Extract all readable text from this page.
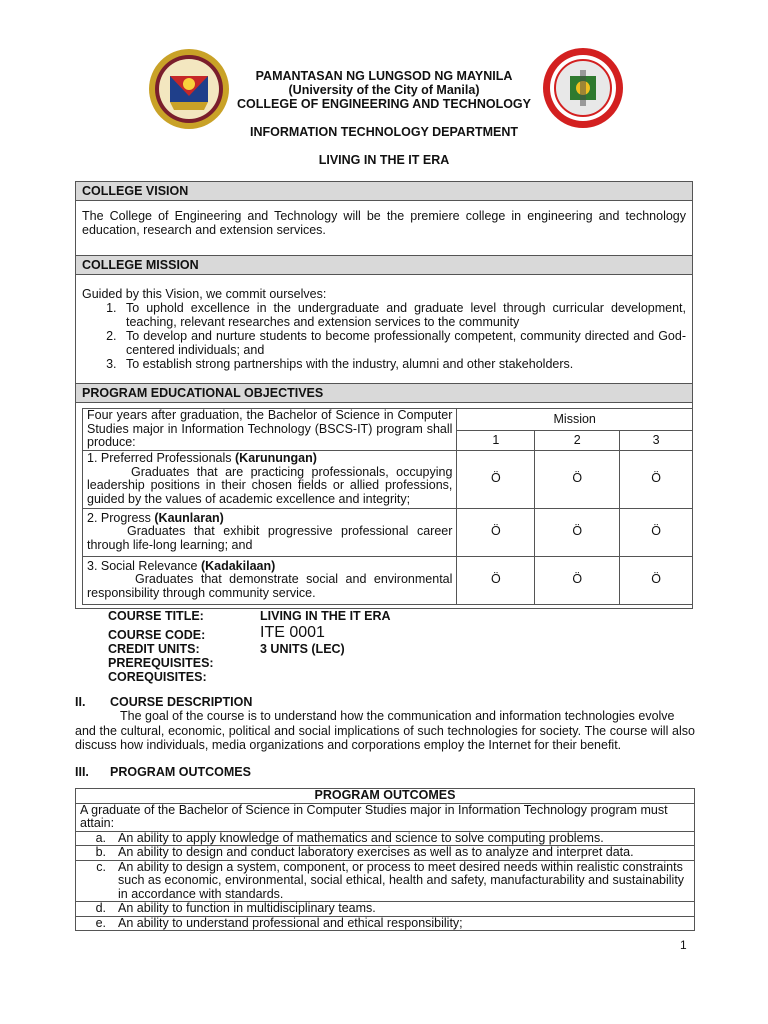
PAMANTASAN NG LUNGSOD NG MAYNILA
(University of the City of Manila)
COLLEGE OF ENGINEERING AND TECHNOLOGY
INFORMATION TECHNOLOGY DEPARTMENT
LIVING IN THE IT ERA
COLLEGE VISION
The College of Engineering and Technology will be the premiere college in engineering and technology education, research and extension services.
COLLEGE MISSION
Guided by this Vision, we commit ourselves:
1. To uphold excellence in the undergraduate and graduate level through curricular development, teaching, relevant researches and extension services to the community
2. To develop and nurture students to become professionally competent, community directed and God-centered individuals; and
3. To establish strong partnerships with the industry, alumni and other stakeholders.
PROGRAM EDUCATIONAL OBJECTIVES
Four years after graduation, the Bachelor of Science in Computer Studies major in Information Technology (BSCS-IT) program shall produce:	Mission		
	1	2	3
1. Preferred Professionals (Karunungan)

Graduates that are practicing professionals, occupying leadership positions in their chosen fields or allied professions, guided by the values of academic excellence and integrity;	Ö	Ö	Ö
2. Progress (Kaunlaran)

Graduates that exhibit progressive professional career through life-long learning; and	Ö	Ö	Ö
3. Social Relevance (Kadakilaan)

Graduates that demonstrate social and environmental responsibility through community service.	Ö	Ö	Ö
COURSE TITLE:	LIVING IN THE IT ERA
COURSE CODE:	ITE 0001
CREDIT UNITS:	3 UNITS (LEC)
PREREQUISITES:
COREQUISITES:
II. COURSE DESCRIPTION
The goal of the course is to understand how the communication and information technologies evolve
and the cultural, economic, political and social implications of such technologies for society. The course will also discuss how individuals, media organizations and corporations employ the Internet for their benefit.
III. PROGRAM OUTCOMES
PROGRAM OUTCOMES
A graduate of the Bachelor of Science in Computer Studies major in Information Technology program must attain:

a. An ability to apply knowledge of mathematics and science to solve computing problems.

b. An ability to design and conduct laboratory exercises as well as to analyze and interpret data.

c. An ability to design a system, component, or process to meet desired needs within realistic constraints such as economic, environmental, social ethical, health and safety, manufacturability and sustainability in accordance with standards.

d. An ability to function in multidisciplinary teams.

e. An ability to understand professional and ethical responsibility;
1
